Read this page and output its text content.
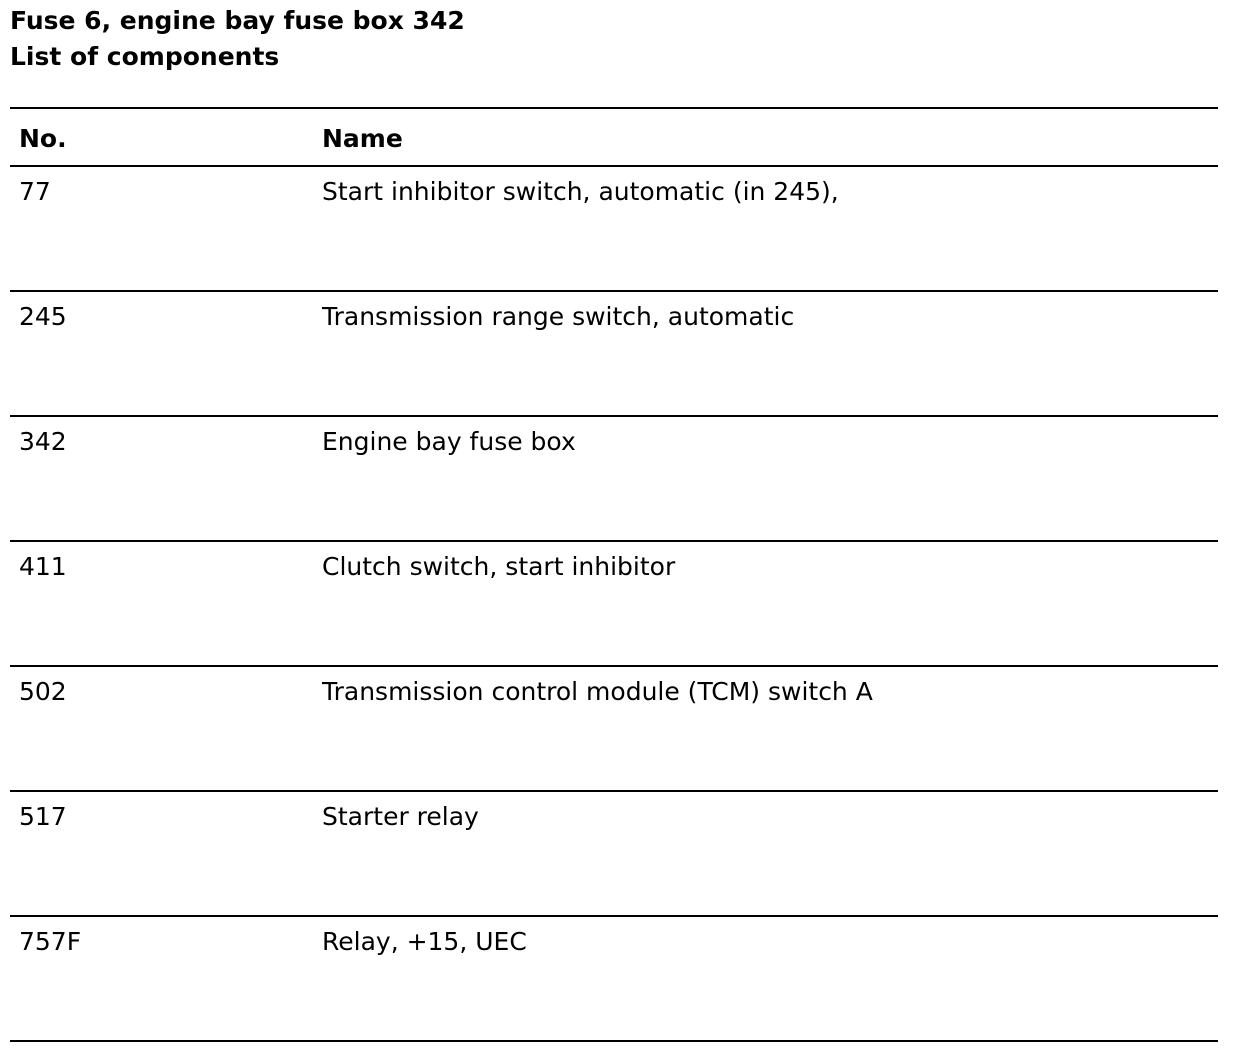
Fuse 6, engine bay fuse box 342
List of components
No.	Name
77	Start inhibitor switch, automatic (in 245),
245	Transmission range switch, automatic
342	Engine bay fuse box
411	Clutch switch, start inhibitor
502	Transmission control module (TCM) switch A
517	Starter relay
757F	Relay, +15, UEC
